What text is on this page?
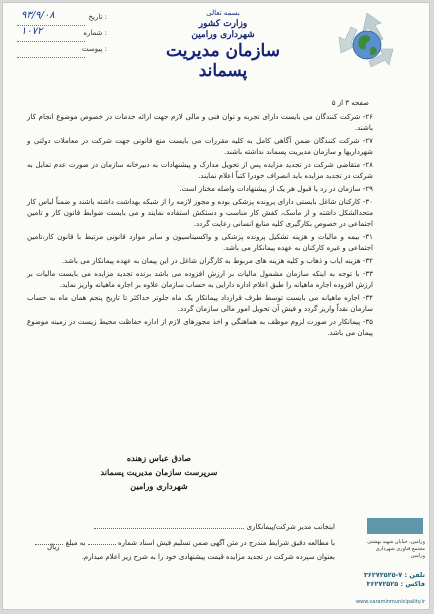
۹۳/۹/۰۸	تاریخ :
۱۰۷۲	شماره :
پیوست :
بسمه تعالی
وزارت کشور
شهرداری ورامین
سازمان مدیریت پسماند
صفحه ۳ از ۵

۲۶- شرکت کنندگان می بایست دارای تجربه و توان فنی و مالی لازم جهت ارائه خدمات در خصوص موضوع انجام کار باشند.

۲۷- شرکت کنندگان ضمن آگاهی کامل به کلیه مقررات می بایست منع قانونی جهت شرکت در معاملات دولتی و شهرداریها و سازمان مدیریت پسماند نداشته باشند.

۲۸- متقاضی شرکت در تجدید مزایده پس از تحویل مدارک و پیشنهادات به دبیرخانه سازمان در صورت عدم تمایل به شرکت در تجدید مزایده باید انصراف خودرا کتباً اعلام نمایند.

۲۹- سازمان در رد یا قبول هر یک از پیشنهادات واصله مختار است.

۳۰- کارکنان شاغل بایستی دارای پرونده پزشکی بوده و مجوز لازمه را از شبکه بهداشت داشته باشند و ضمناً لباس کار متحدالشکل داشته و از ماسک، کفش کار مناسب و دستکش استفاده نمایند و می بایست ضوابط قانون کار و تامین اجتماعی در خصوص بکارگیری کلیه منابع انسانی رعایت گردد.

۳۱- بیمه و مالیات و هزینه تشکیل پرونده پزشکی و واکسیناسیون و سایر موارد قانونی مرتبط با قانون کار،تامین اجتماعی و غیره کارکنان به عهده پیمانکار می باشد.

۳۲- هزینه ایاب و ذهاب و کلیه هزینه های مربوط به کارگران شاغل در این پیمان به عهده پیمانکار می باشد.

۳۳- با توجه به اینکه سازمان مشمول مالیات بر ارزش افزوده می باشد برنده تجدید مزایده می بایست مالیات بر ارزش افزوده اجاره ماهیانه را طبق اعلام اداره دارایی به حساب سازمان علاوه بر اجاره ماهیانه واریز نماید.

۳۴- اجاره ماهیانه می بایست توسط طرف قرارداد پیمانکار یک ماه جلوتر حداکثر تا تاریخ پنجم همان ماه به حساب سازمان نقداً واریز گردد و فیش آن تحویل امور مالی سازمان گردد.

۳۵- پیمانکار در صورت لزوم موظف به هماهنگی و اخذ مجوزهای لازم از اداره حفاظت محیط زیست در زمینه موضوع پیمان می باشد.

صادق عباس زهنده
سرپرست سازمان مدیریت پسماند
شهرداری ورامین
اینجانب مدیر شرکت/پیمانکاری
با مطالعه دقیق شرایط مندرج در متن آگهی ضمن تسلیم فیش اسناد شماره  به مبلغ
بعنوان سپرده شرکت در تجدید مزایده قیمت پیشنهادی خود را به شرح زیر اعلام میدارم.
ریال
ورامین، خیابان شهید بهشتی مجتمع فناوری شهرداری ورامین
تلفن : ۷-۳۶۲۷۲۵۲۵
فاکس : ۳۶۲۷۲۵۲۵
www.varaminmunicipality.ir
